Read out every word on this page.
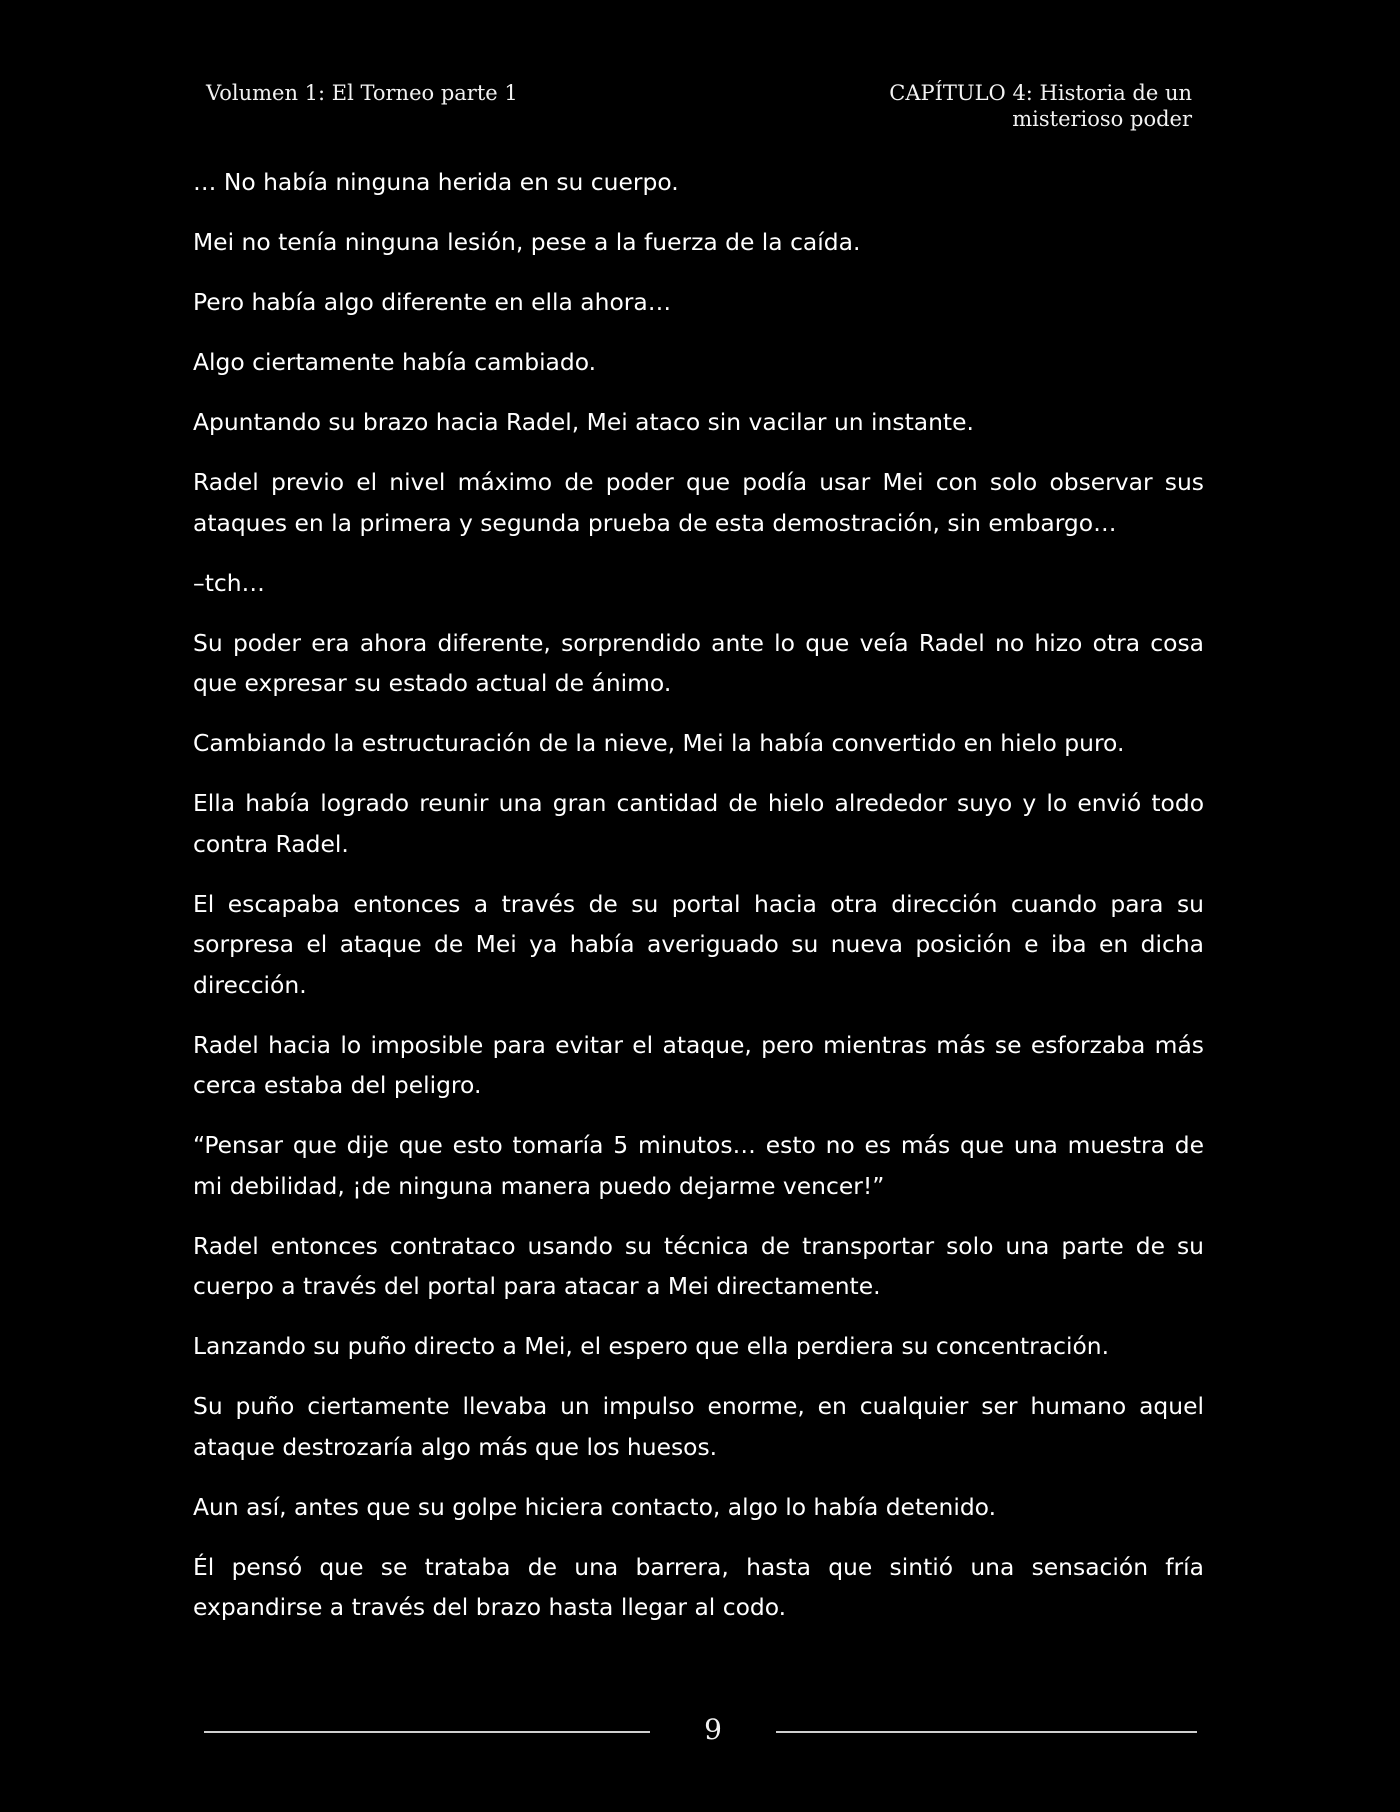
Volumen 1: El Torneo parte 1	CAPÍTULO 4: Historia de un misterioso poder

… No había ninguna herida en su cuerpo.

Mei no tenía ninguna lesión, pese a la fuerza de la caída.

Pero había algo diferente en ella ahora…

Algo ciertamente había cambiado.

Apuntando su brazo hacia Radel, Mei ataco sin vacilar un instante.

Radel previo el nivel máximo de poder que podía usar Mei con solo observar sus ataques en la primera y segunda prueba de esta demostración, sin embargo…

–tch…

Su poder era ahora diferente, sorprendido ante lo que veía Radel no hizo otra cosa que expresar su estado actual de ánimo.

Cambiando la estructuración de la nieve, Mei la había convertido en hielo puro.

Ella había logrado reunir una gran cantidad de hielo alrededor suyo y lo envió todo contra Radel.

El escapaba entonces a través de su portal hacia otra dirección cuando para su sorpresa el ataque de Mei ya había averiguado su nueva posición e iba en dicha dirección.

Radel hacia lo imposible para evitar el ataque, pero mientras más se esforzaba más cerca estaba del peligro.

“Pensar que dije que esto tomaría 5 minutos… esto no es más que una muestra de mi debilidad, ¡de ninguna manera puedo dejarme vencer!”

Radel entonces contrataco usando su técnica de transportar solo una parte de su cuerpo a través del portal para atacar a Mei directamente.

Lanzando su puño directo a Mei, el espero que ella perdiera su concentración.

Su puño ciertamente llevaba un impulso enorme, en cualquier ser humano aquel ataque destrozaría algo más que los huesos.

Aun así, antes que su golpe hiciera contacto, algo lo había detenido.

Él pensó que se trataba de una barrera, hasta que sintió una sensación fría expandirse a través del brazo hasta llegar al codo.

9
